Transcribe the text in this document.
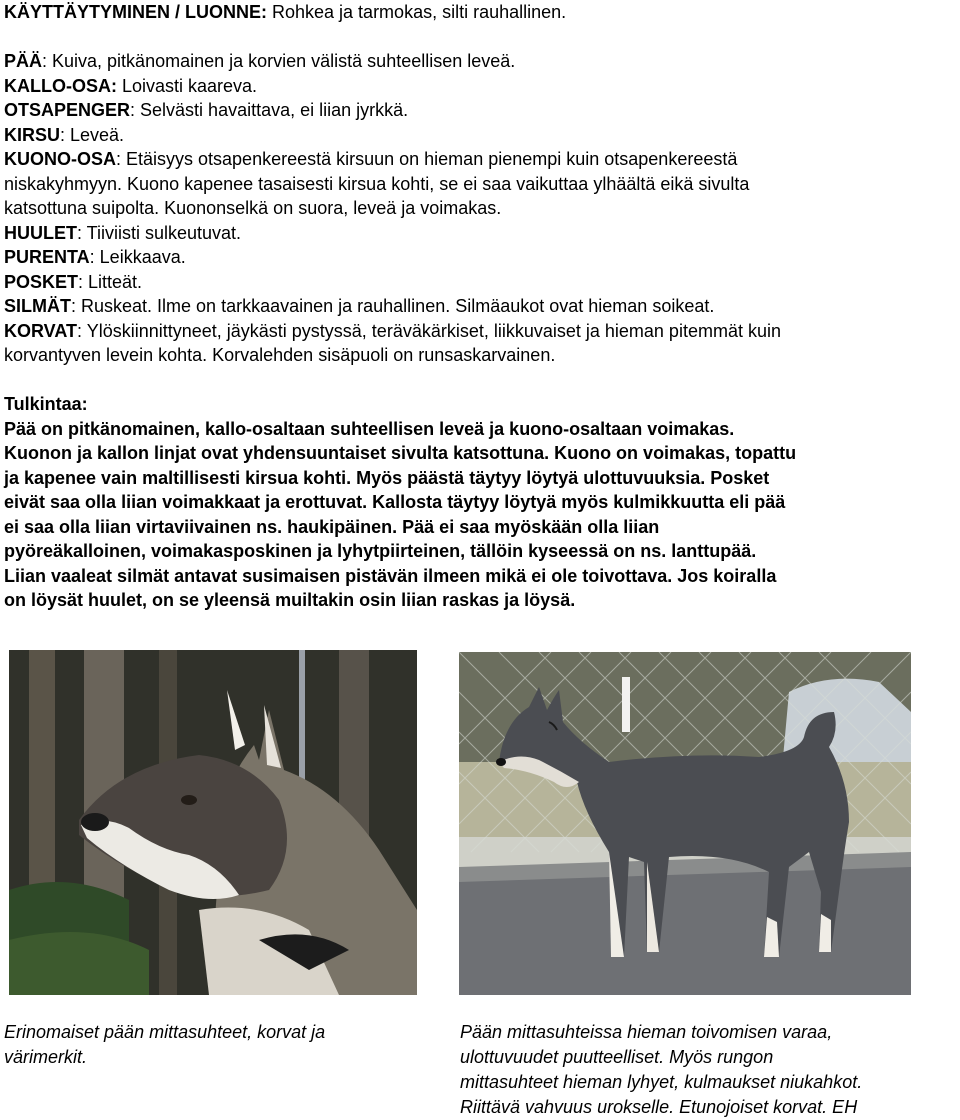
KÄYTTÄYTYMINEN / LUONNE: Rohkea ja tarmokas, silti rauhallinen.
PÄÄ: Kuiva, pitkänomainen ja korvien välistä suhteellisen leveä.
KALLO-OSA: Loivasti kaareva.
OTSAPENGER: Selvästi havaittava, ei liian jyrkkä.
KIRSU: Leveä.
KUONO-OSA: Etäisyys otsapenkereestä kirsuun on hieman pienempi kuin otsapenkereestä
niskakyhmyyn. Kuono kapenee tasaisesti kirsua kohti, se ei saa vaikuttaa ylhäältä eikä sivulta
katsottuna suipolta. Kuononselkä on suora, leveä ja voimakas.
HUULET: Tiiviisti sulkeutuvat.
PURENTA: Leikkaava.
POSKET: Litteät.
SILMÄT: Ruskeat. Ilme on tarkkaavainen ja rauhallinen. Silmäaukot ovat hieman soikeat.
KORVAT: Ylöskiinnittyneet, jäykästi pystyssä, teräväkärkiset, liikkuvaiset ja hieman pitemmät kuin
korvantyven levein kohta. Korvalehden sisäpuoli on runsaskarvainen.
Tulkintaa:
Pää on pitkänomainen, kallo-osaltaan suhteellisen leveä ja kuono-osaltaan voimakas.
Kuonon ja kallon linjat ovat yhdensuuntaiset sivulta katsottuna. Kuono on voimakas, topattu
ja kapenee vain maltillisesti kirsua kohti. Myös päästä täytyy löytyä ulottuvuuksia. Posket
eivät saa olla liian voimakkaat ja erottuvat. Kallosta täytyy löytyä myös kulmikkuutta eli pää
ei saa olla liian virtaviivainen ns. haukipäinen. Pää ei saa myöskään olla liian
pyöreäkalloinen, voimakasposkinen ja lyhytpiirteinen, tällöin kyseessä on ns. lanttupää.
Liian vaaleat silmät antavat susimaisen pistävän ilmeen mikä ei ole toivottava. Jos koiralla
on löysät huulet, on se yleensä muiltakin osin liian raskas ja löysä.
Erinomaiset pään mittasuhteet, korvat ja
värimerkit.
Pään mittasuhteissa hieman toivomisen varaa,
ulottuvuudet puutteelliset. Myös rungon
mittasuhteet hieman lyhyet, kulmaukset niukahkot.
Riittävä vahvuus urokselle. Etunojoiset korvat. EH
